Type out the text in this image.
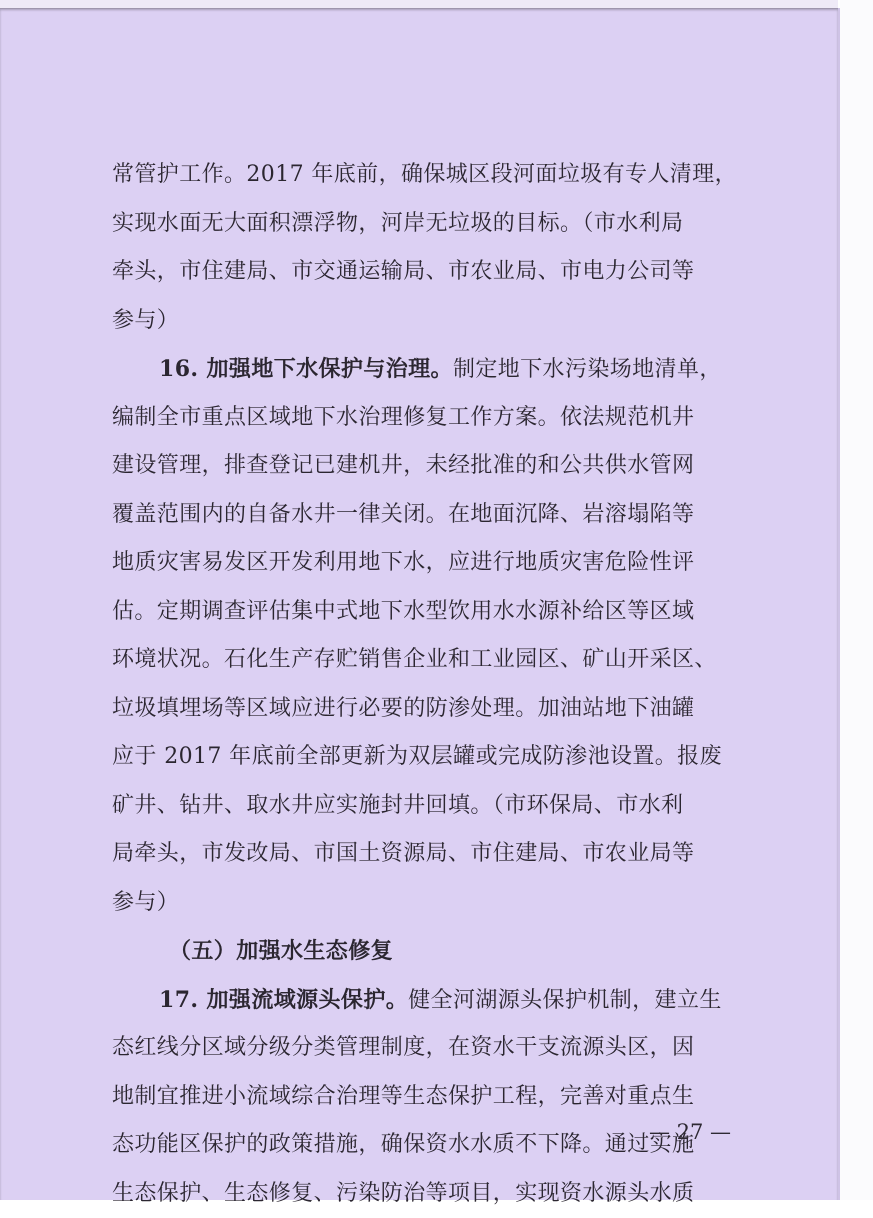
常管护工作。2017 年底前，确保城区段河面垃圾有专人清理，
实现水面无大面积漂浮物，河岸无垃圾的目标。（市水利局
牵头，市住建局、市交通运输局、市农业局、市电力公司等
参与）
16. 加强地下水保护与治理。制定地下水污染场地清单，
编制全市重点区域地下水治理修复工作方案。依法规范机井
建设管理，排查登记已建机井，未经批准的和公共供水管网
覆盖范围内的自备水井一律关闭。在地面沉降、岩溶塌陷等
地质灾害易发区开发利用地下水，应进行地质灾害危险性评
估。定期调查评估集中式地下水型饮用水水源补给区等区域
环境状况。石化生产存贮销售企业和工业园区、矿山开采区、
垃圾填埋场等区域应进行必要的防渗处理。加油站地下油罐
应于 2017 年底前全部更新为双层罐或完成防渗池设置。报废
矿井、钻井、取水井应实施封井回填。（市环保局、市水利
局牵头，市发改局、市国土资源局、市住建局、市农业局等
参与）
（五）加强水生态修复
17. 加强流域源头保护。健全河湖源头保护机制，建立生
态红线分区域分级分类管理制度，在资水干支流源头区，因
地制宜推进小流域综合治理等生态保护工程，完善对重点生
态功能区保护的政策措施，确保资水水质不下降。通过实施
生态保护、生态修复、污染防治等项目，实现资水源头水质
— 27 —
